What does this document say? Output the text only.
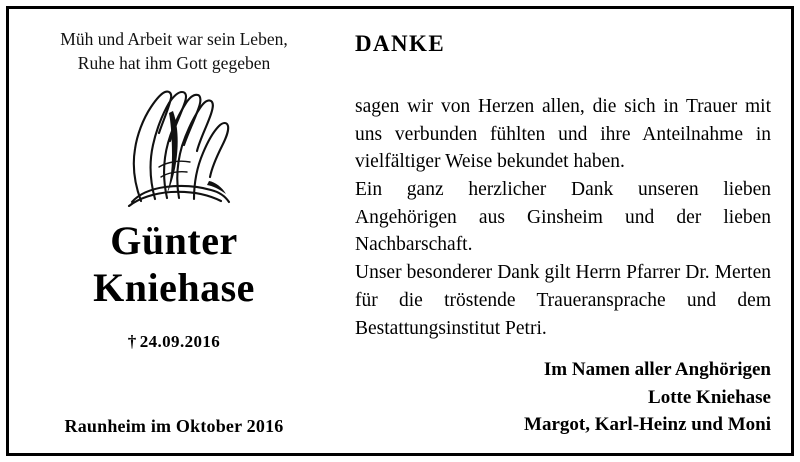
Müh und Arbeit war sein Leben,
Ruhe hat ihm Gott gegeben
Günter
Kniehase
† 24.09.2016
Raunheim im Oktober 2016
DANKE

sagen wir von Herzen allen, die sich in Trauer mit uns verbunden fühlten und ihre Anteilnahme in vielfältiger Weise bekundet haben.

Ein ganz herzlicher Dank unseren lieben Angehörigen aus Ginsheim und der lieben Nachbarschaft.

Unser besonderer Dank gilt Herrn Pfarrer Dr. Merten für die tröstende Traueransprache und dem Bestattungsinstitut Petri.

Im Namen aller Anghörigen
Lotte Kniehase
Margot, Karl-Heinz und Moni
